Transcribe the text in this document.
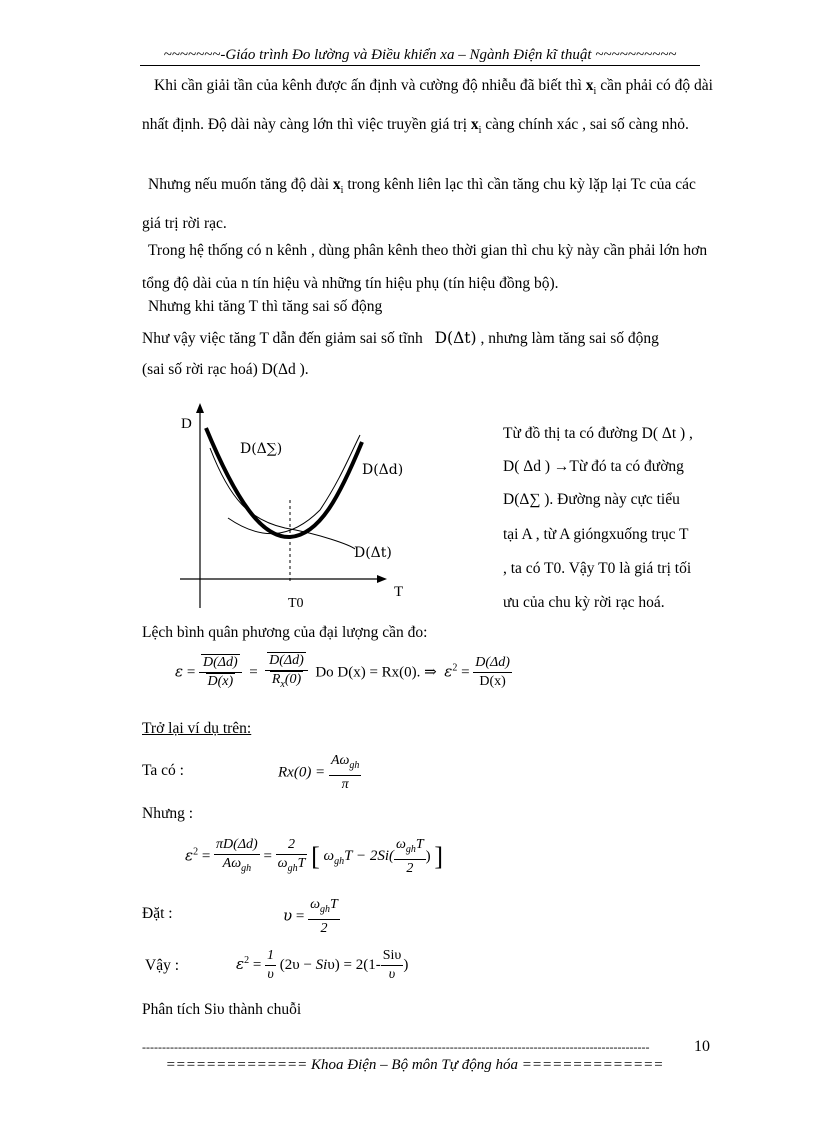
~~~~~~~-Giáo trình Đo lường và Điều khiển xa – Ngành Điện kĩ thuật ~~~~~~~~~~
Khi cần giải tần của kênh được ấn định và cường độ nhiễu đã biết thì $x_i$ cần phải có độ dài nhất định. Độ dài này càng lớn thì việc truyền giá trị $x_i$ càng chính xác , sai số càng nhỏ.
Nhưng nếu muốn tăng độ dài $x_i$ trong kênh liên lạc thì cần tăng chu kỳ lặp lại Tc của các giá trị rời rạc.
Trong hệ thống có n kênh , dùng phân kênh theo thời gian thì chu kỳ này cần phải lớn hơn tổng độ dài của n tín hiệu và những tín hiệu phụ (tín hiệu đồng bộ).
Nhưng khi tăng T thì tăng sai số động
Như vậy việc tăng T dẫn đến giảm sai số tĩnh D(Δt) , nhưng làm tăng sai số động
(sai số rời rạc hoá) D(Δd ).
D
T
T0
D(Δ∑)
D(Δd)
D(Δt)
Từ đồ thị ta có đường D( Δt ) ,
D( Δd ) →Từ đó ta có đường
D(Δ∑ ). Đường này cực tiểu
tại A , từ A gióngxuống trục T
, ta có T0. Vậy T0 là giá trị tối
ưu của chu kỳ rời rạc hoá.
Lệch bình quân phương của đại lượng cần đo:
$\varepsilon = \frac{D(\Delta d)}{D(x)} = \frac{D(\Delta d)}{R_x(0)}$ Do D(x) = Rx(0). ⇒ $\varepsilon^2 = \frac{D(\Delta d)}{D(x)}$
Trở lại ví dụ trên:
Ta có :	$Rx(0) = \frac{A\omega_{gh}}{\pi}$
Nhưng :
$\varepsilon^2 = \frac{\pi D(\Delta d)}{A\omega_{gh}} = \frac{2}{\omega_{gh}T}$ [ $\omega_{gh}T - 2Si( \frac{\omega_{gh}T}{2}$ ) ]
Đặt :	$\upsilon = \frac{\omega_{gh}T}{2}$
Vậy :	$\varepsilon^2 = \frac{1}{\upsilon} (2\upsilon - Si\upsilon) = 2(1- \frac{\text{Siυ}}{\upsilon}$ )
Phân tích Siυ thành chuỗi
-------------------------------------------------------------------------------------------------------------------------------	10
============== Khoa Điện – Bộ môn Tự động hóa ==============
